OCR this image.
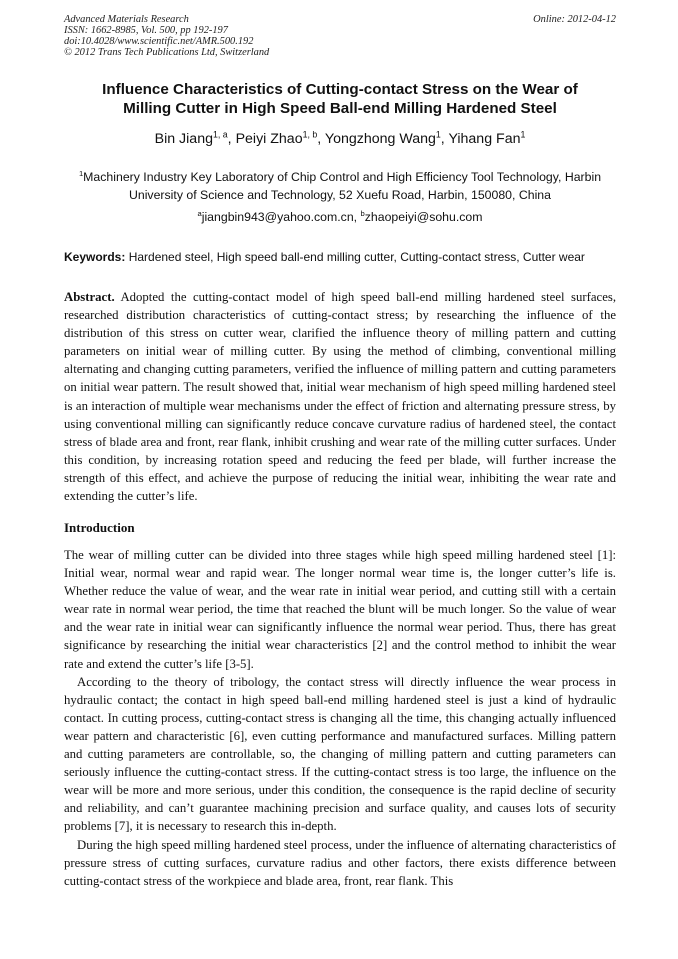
Advanced Materials Research
ISSN: 1662-8985, Vol. 500, pp 192-197
doi:10.4028/www.scientific.net/AMR.500.192
© 2012 Trans Tech Publications Ltd, Switzerland
Online: 2012-04-12
Influence Characteristics of Cutting-contact Stress on the Wear of
Milling Cutter in High Speed Ball-end Milling Hardened Steel
Bin Jiang$^{1, a}$, Peiyi Zhao$^{1, b}$, Yongzhong Wang$^1$, Yihang Fan$^1$
$^1$Machinery Industry Key Laboratory of Chip Control and High Efficiency Tool Technology, Harbin
University of Science and Technology, 52 Xuefu Road, Harbin, 150080, China
$^a$jiangbin943@yahoo.com.cn, $^b$zhaopeiyi@sohu.com
Keywords: Hardened steel, High speed ball-end milling cutter, Cutting-contact stress, Cutter wear
Abstract. Adopted the cutting-contact model of high speed ball-end milling hardened steel surfaces, researched distribution characteristics of cutting-contact stress; by researching the influence of the distribution of this stress on cutter wear, clarified the influence theory of milling pattern and cutting parameters on initial wear of milling cutter. By using the method of climbing, conventional milling alternating and changing cutting parameters, verified the influence of milling pattern and cutting parameters on initial wear pattern. The result showed that, initial wear mechanism of high speed milling hardened steel is an interaction of multiple wear mechanisms under the effect of friction and alternating pressure stress, by using conventional milling can significantly reduce concave curvature radius of hardened steel, the contact stress of blade area and front, rear flank, inhibit crushing and wear rate of the milling cutter surfaces. Under this condition, by increasing rotation speed and reducing the feed per blade, will further increase the strength of this effect, and achieve the purpose of reducing the initial wear, inhibiting the wear rate and extending the cutter’s life.
Introduction

The wear of milling cutter can be divided into three stages while high speed milling hardened steel [1]: Initial wear, normal wear and rapid wear. The longer normal wear time is, the longer cutter’s life is. Whether reduce the value of wear, and the wear rate in initial wear period, and cutting still with a certain wear rate in normal wear period, the time that reached the blunt will be much longer. So the value of wear and the wear rate in initial wear can significantly influence the normal wear period. Thus, there has great significance by researching the initial wear characteristics [2] and the control method to inhibit the wear rate and extend the cutter’s life [3-5].

According to the theory of tribology, the contact stress will directly influence the wear process in hydraulic contact; the contact in high speed ball-end milling hardened steel is just a kind of hydraulic contact. In cutting process, cutting-contact stress is changing all the time, this changing actually influenced wear pattern and characteristic [6], even cutting performance and manufactured surfaces. Milling pattern and cutting parameters are controllable, so, the changing of milling pattern and cutting parameters can seriously influence the cutting-contact stress. If the cutting-contact stress is too large, the influence on the wear will be more and more serious, under this condition, the consequence is the rapid decline of security and reliability, and can’t guarantee machining precision and surface quality, and causes lots of security problems [7], it is necessary to research this in-depth.

During the high speed milling hardened steel process, under the influence of alternating characteristics of pressure stress of cutting surfaces, curvature radius and other factors, there exists difference between cutting-contact stress of the workpiece and blade area, front, rear flank. This
